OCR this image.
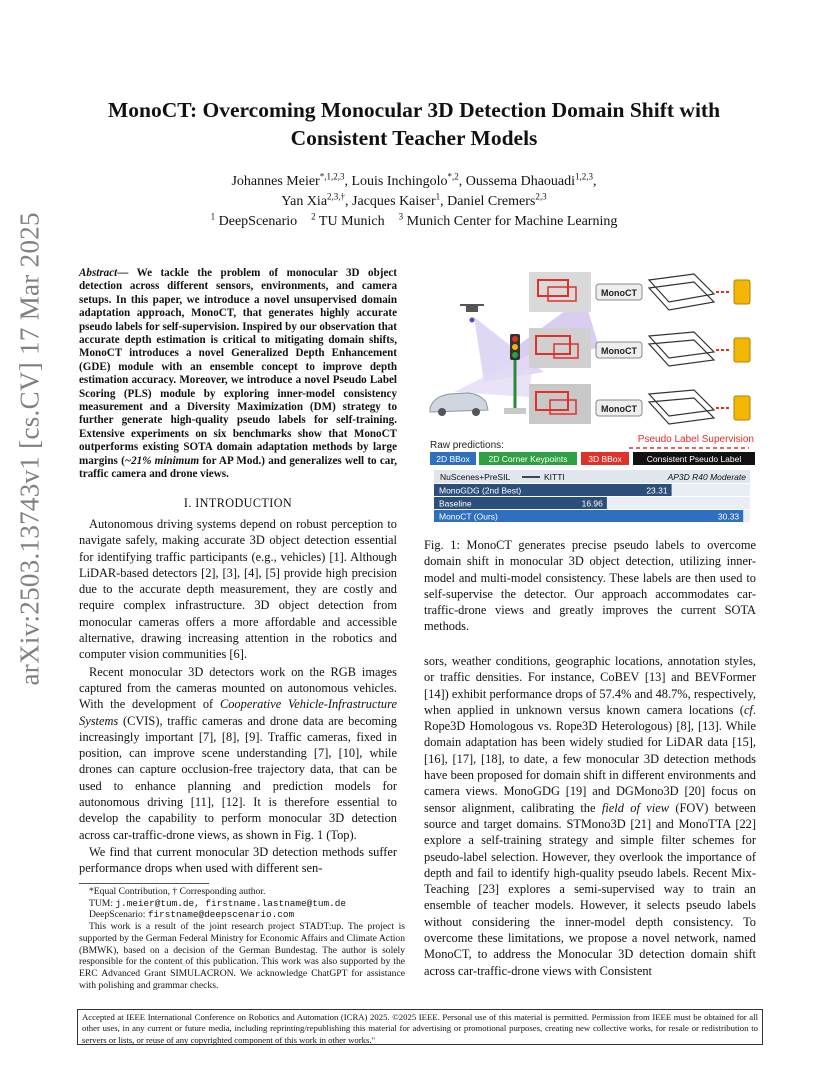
arXiv:2503.13743v1 [cs.CV] 17 Mar 2025
MonoCT: Overcoming Monocular 3D Detection Domain Shift with
Consistent Teacher Models
Johannes Meier$^{*,1,2,3}$, Louis Inchingolo$^{*,2}$, Oussema Dhaouadi$^{1,2,3}$,
Yan Xia$^{2,3,\dagger}$, Jacques Kaiser$^1$, Daniel Cremers$^{2,3}$
$^1$ DeepScenario $^2$ TU Munich $^3$ Munich Center for Machine Learning
Abstract— We tackle the problem of monocular 3D object detection across different sensors, environments, and camera setups. In this paper, we introduce a novel unsupervised domain adaptation approach, MonoCT, that generates highly accurate pseudo labels for self-supervision. Inspired by our observation that accurate depth estimation is critical to mitigating domain shifts, MonoCT introduces a novel Generalized Depth Enhancement (GDE) module with an ensemble concept to improve depth estimation accuracy. Moreover, we introduce a novel Pseudo Label Scoring (PLS) module by exploring inner-model consistency measurement and a Diversity Maximization (DM) strategy to further generate high-quality pseudo labels for self-training. Extensive experiments on six benchmarks show that MonoCT outperforms existing SOTA domain adaptation methods by large margins (~21% minimum for AP Mod.) and generalizes well to car, traffic camera and drone views.
I. INTRODUCTION

Autonomous driving systems depend on robust perception to navigate safely, making accurate 3D object detection essential for identifying traffic participants (e.g., vehicles) [1]. Although LiDAR-based detectors [2], [3], [4], [5] provide high precision due to the accurate depth measurement, they are costly and require complex infrastructure. 3D object detection from monocular cameras offers a more affordable and accessible alternative, drawing increasing attention in the robotics and computer vision communities [6].

Recent monocular 3D detectors work on the RGB images captured from the cameras mounted on autonomous vehicles. With the development of Cooperative Vehicle-Infrastructure Systems (CVIS), traffic cameras and drone data are becoming increasingly important [7], [8], [9]. Traffic cameras, fixed in position, can improve scene understanding [7], [10], while drones can capture occlusion-free trajectory data, that can be used to enhance planning and prediction models for autonomous driving [11], [12]. It is therefore essential to develop the capability to perform monocular 3D detection across car-traffic-drone views, as shown in Fig. 1 (Top).

We find that current monocular 3D detection methods suffer performance drops when used with different sen-

*Equal Contribution, † Corresponding author.

TUM: j.meier@tum.de, firstname.lastname@tum.de

DeepScenario: firstname@deepscenario.com

This work is a result of the joint research project STADT:up. The project is supported by the German Federal Ministry for Economic Affairs and Climate Action (BMWK), based on a decision of the German Bundestag. The author is solely responsible for the content of this publication. This work was also supported by the ERC Advanced Grant SIMULACRON. We acknowledge ChatGPT for assistance with polishing and grammar checks.

MonoCT
MonoCT
MonoCT
Raw predictions:
Pseudo Label Supervision
2D BBox 2D Corner Keypoints 3D BBox	Consistent Pseudo Label
NuScenes+PreSIL	KITTI	AP3D R40 Moderate
MonoGDG (2nd Best)	23.31
Baseline	16.96
MonoCT (Ours)	30.33
Fig. 1: MonoCT generates precise pseudo labels to overcome domain shift in monocular 3D object detection, utilizing inner-model and multi-model consistency. These labels are then used to self-supervise the detector. Our approach accommodates car-traffic-drone views and greatly improves the current SOTA methods.
sors, weather conditions, geographic locations, annotation styles, or traffic densities. For instance, CoBEV [13] and BEVFormer [14]) exhibit performance drops of 57.4% and 48.7%, respectively, when applied in unknown versus known camera locations (cf. Rope3D Homologous vs. Rope3D Heterologous) [8], [13]. While domain adaptation has been widely studied for LiDAR data [15], [16], [17], [18], to date, a few monocular 3D detection methods have been proposed for domain shift in different environments and camera views. MonoGDG [19] and DGMono3D [20] focus on sensor alignment, calibrating the field of view (FOV) between source and target domains. STMono3D [21] and MonoTTA [22] explore a self-training strategy and simple filter schemes for pseudo-label selection. However, they overlook the importance of depth and fail to identify high-quality pseudo labels. Recent Mix-Teaching [23] explores a semi-supervised way to train an ensemble of teacher models. However, it selects pseudo labels without considering the inner-model depth consistency. To overcome these limitations, we propose a novel network, named MonoCT, to address the Monocular 3D detection domain shift across car-traffic-drone views with Consistent
Accepted at IEEE International Conference on Robotics and Automation (ICRA) 2025. ©2025 IEEE. Personal use of this material is permitted. Permission from IEEE must be obtained for all other uses, in any current or future media, including reprinting/republishing this material for advertising or promotional purposes, creating new collective works, for resale or redistribution to servers or lists, or reuse of any copyrighted component of this work in other works."
